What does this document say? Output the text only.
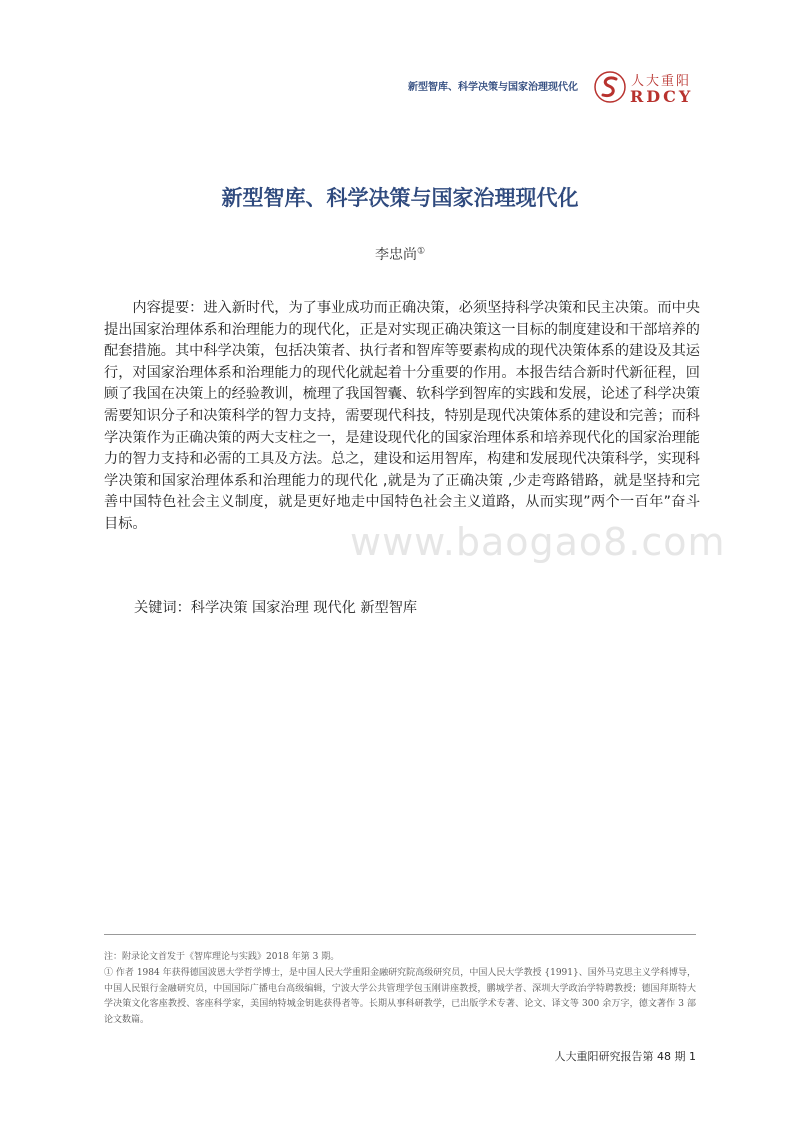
新型智库、科学决策与国家治理现代化	人大重阳
RDCY
新型智库、科学决策与国家治理现代化
李忠尚①
www.baogao8.com
内容提要：进入新时代，为了事业成功而正确决策，必须坚持科学决策和民主决策。而中央提出国家治理体系和治理能力的现代化，正是对实现正确决策这一目标的制度建设和干部培养的配套措施。其中科学决策，包括决策者、执行者和智库等要素构成的现代决策体系的建设及其运行，对国家治理体系和治理能力的现代化就起着十分重要的作用。本报告结合新时代新征程，回顾了我国在决策上的经验教训，梳理了我国智囊、软科学到智库的实践和发展，论述了科学决策需要知识分子和决策科学的智力支持，需要现代科技，特别是现代决策体系的建设和完善；而科学决策作为正确决策的两大支柱之一，是建设现代化的国家治理体系和培养现代化的国家治理能力的智力支持和必需的工具及方法。总之，建设和运用智库，构建和发展现代决策科学，实现科学决策和国家治理体系和治理能力的现代化 ,就是为了正确决策 ,少走弯路错路，就是坚持和完善中国特色社会主义制度，就是更好地走中国特色社会主义道路，从而实现”两个一百年”奋斗目标。
关键词：科学决策 国家治理 现代化 新型智库
注：附录论文首发于《智库理论与实践》2018 年第 3 期。
① 作者 1984 年获得德国波恩大学哲学博士，是中国人民大学重阳金融研究院高级研究员，中国人民大学教授 {1991}、国外马克思主义学科博导，中国人民银行金融研究员，中国国际广播电台高级编辑，宁波大学公共管理学包玉刚讲座教授，鹏城学者、深圳大学政治学特聘教授；德国拜斯特大学决策文化客座教授、客座科学家，美国纳特城金钥匙获得者等。长期从事科研教学，已出版学术专著、论文、译文等 300 余万字，德文著作 3 部论文数篇。
人大重阳研究报告第 48 期 1
